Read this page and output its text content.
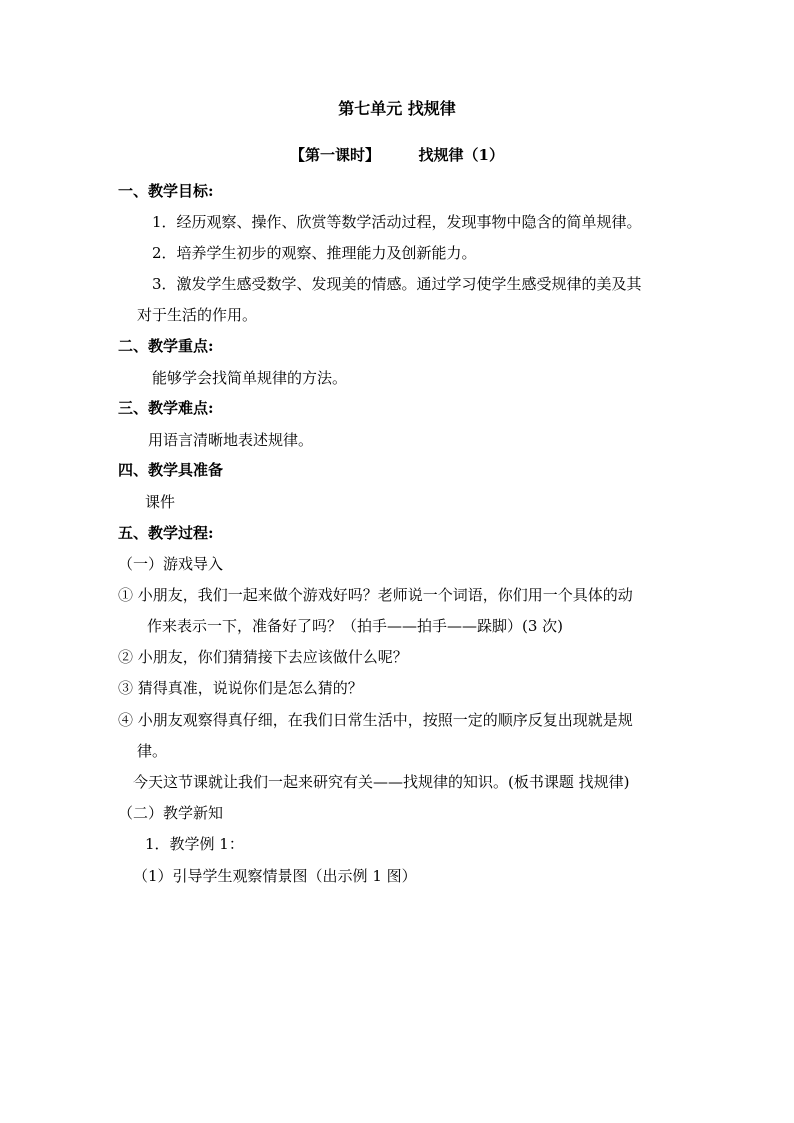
第七单元 找规律
【第一课时】	找规律（1）
一、教学目标:
1．经历观察、操作、欣赏等数学活动过程，发现事物中隐含的简单规律。
2．培养学生初步的观察、推理能力及创新能力。
3．激发学生感受数学、发现美的情感。通过学习使学生感受规律的美及其
对于生活的作用。
二、教学重点:
能够学会找简单规律的方法。
三、教学难点:
用语言清晰地表述规律。
四、教学具准备
课件
五、教学过程:
（一）游戏导入
① 小朋友，我们一起来做个游戏好吗？老师说一个词语，你们用一个具体的动
作来表示一下，准备好了吗？（拍手——拍手——跺脚）(3 次)
② 小朋友，你们猜猜接下去应该做什么呢？
③ 猜得真准，说说你们是怎么猜的？
④ 小朋友观察得真仔细，在我们日常生活中，按照一定的顺序反复出现就是规
律。
今天这节课就让我们一起来研究有关——找规律的知识。(板书课题 找规律)
（二）教学新知
1．教学例 1：
（1）引导学生观察情景图（出示例 1 图）
